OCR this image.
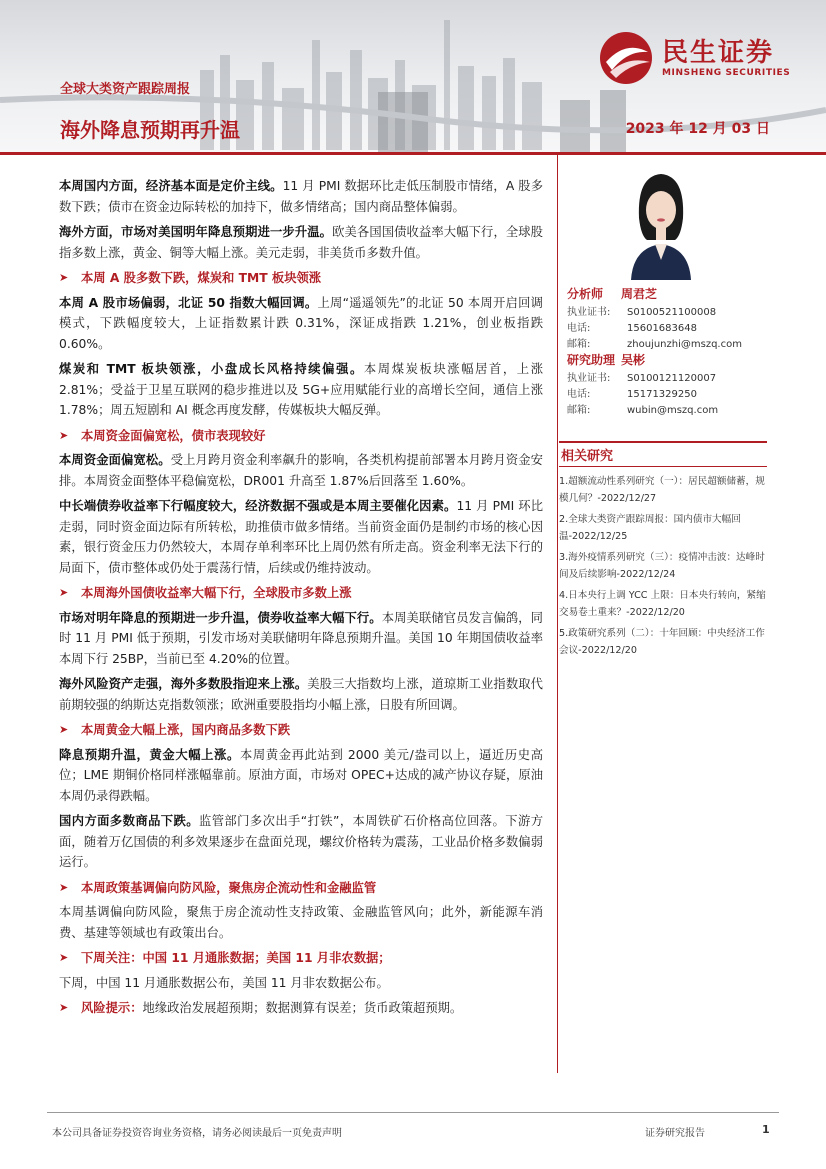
全球大类资产跟踪周报
海外降息预期再升温	2023 年 12 月 03 日
民生证券
MINSHENG SECURITIES

本周国内方面，经济基本面是定价主线。11 月 PMI 数据环比走低压制股市情绪，A 股多数下跌；债市在资金边际转松的加持下，做多情绪高；国内商品整体偏弱。

海外方面，市场对美国明年降息预期进一步升温。欧美各国国债收益率大幅下行，全球股指多数上涨，黄金、铜等大幅上涨。美元走弱，非美货币多数升值。

➤	本周 A 股多数下跌，煤炭和 TMT 板块领涨

本周 A 股市场偏弱，北证 50 指数大幅回调。上周“遥遥领先”的北证 50 本周开启回调模式，下跌幅度较大，上证指数累计跌 0.31%，深证成指跌 1.21%，创业板指跌 0.60%。

煤炭和 TMT 板块领涨，小盘成长风格持续偏强。本周煤炭板块涨幅居首，上涨 2.81%；受益于卫星互联网的稳步推进以及 5G+应用赋能行业的高增长空间，通信上涨 1.78%；周五短剧和 AI 概念再度发酵，传媒板块大幅反弹。

➤	本周资金面偏宽松，债市表现较好

本周资金面偏宽松。受上月跨月资金利率飙升的影响，各类机构提前部署本月跨月资金安排。本周资金面整体平稳偏宽松，DR001 升高至 1.87%后回落至 1.60%。

中长端债券收益率下行幅度较大，经济数据不强或是本周主要催化因素。11 月 PMI 环比走弱，同时资金面边际有所转松，助推债市做多情绪。当前资金面仍是制约市场的核心因素，银行资金压力仍然较大，本周存单利率环比上周仍然有所走高。资金利率无法下行的局面下，债市整体或仍处于震荡行情，后续或仍维持波动。

➤	本周海外国债收益率大幅下行，全球股市多数上涨

市场对明年降息的预期进一步升温，债券收益率大幅下行。本周美联储官员发言偏鸽，同时 11 月 PMI 低于预期，引发市场对美联储明年降息预期升温。美国 10 年期国债收益率本周下行 25BP，当前已至 4.20%的位置。

海外风险资产走强，海外多数股指迎来上涨。美股三大指数均上涨，道琼斯工业指数取代前期较强的纳斯达克指数领涨；欧洲重要股指均小幅上涨，日股有所回调。

➤	本周黄金大幅上涨，国内商品多数下跌

降息预期升温，黄金大幅上涨。本周黄金再此站到 2000 美元/盎司以上，逼近历史高位；LME 期铜价格同样涨幅靠前。原油方面，市场对 OPEC+达成的减产协议存疑，原油本周仍录得跌幅。

国内方面多数商品下跌。监管部门多次出手“打铁”，本周铁矿石价格高位回落。下游方面，随着万亿国债的利多效果逐步在盘面兑现，螺纹价格转为震荡，工业品价格多数偏弱运行。

➤	本周政策基调偏向防风险，聚焦房企流动性和金融监管

本周基调偏向防风险，聚焦于房企流动性支持政策、金融监管风向；此外，新能源车消费、基建等领域也有政策出台。

➤	下周关注：中国 11 月通胀数据；美国 11 月非农数据；

下周，中国 11 月通胀数据公布，美国 11 月非农数据公布。

➤	风险提示： 地缘政治发展超预期；数据测算有误差；货币政策超预期。
分析师 周君芝
执业证书: S0100521100008
电话:	15601683648
邮箱:	zhoujunzhi@mszq.com
研究助理 吴彬
执业证书: S0100121120007
电话:	15171329250
邮箱:	wubin@mszq.com
相关研究
1.超额流动性系列研究（一）：居民超额储蓄，规模几何？-2022/12/27
2.全球大类资产跟踪周报：国内债市大幅回温-2022/12/25
3.海外疫情系列研究（三）：疫情冲击波：达峰时间及后续影响-2022/12/24
4.日本央行上调 YCC 上限：日本央行转向，紧缩交易卷土重来？-2022/12/20
5.政策研究系列（二）：十年回顾：中央经济工作会议-2022/12/20
本公司具备证券投资咨询业务资格，请务必阅读最后一页免责声明	证券研究报告	1
